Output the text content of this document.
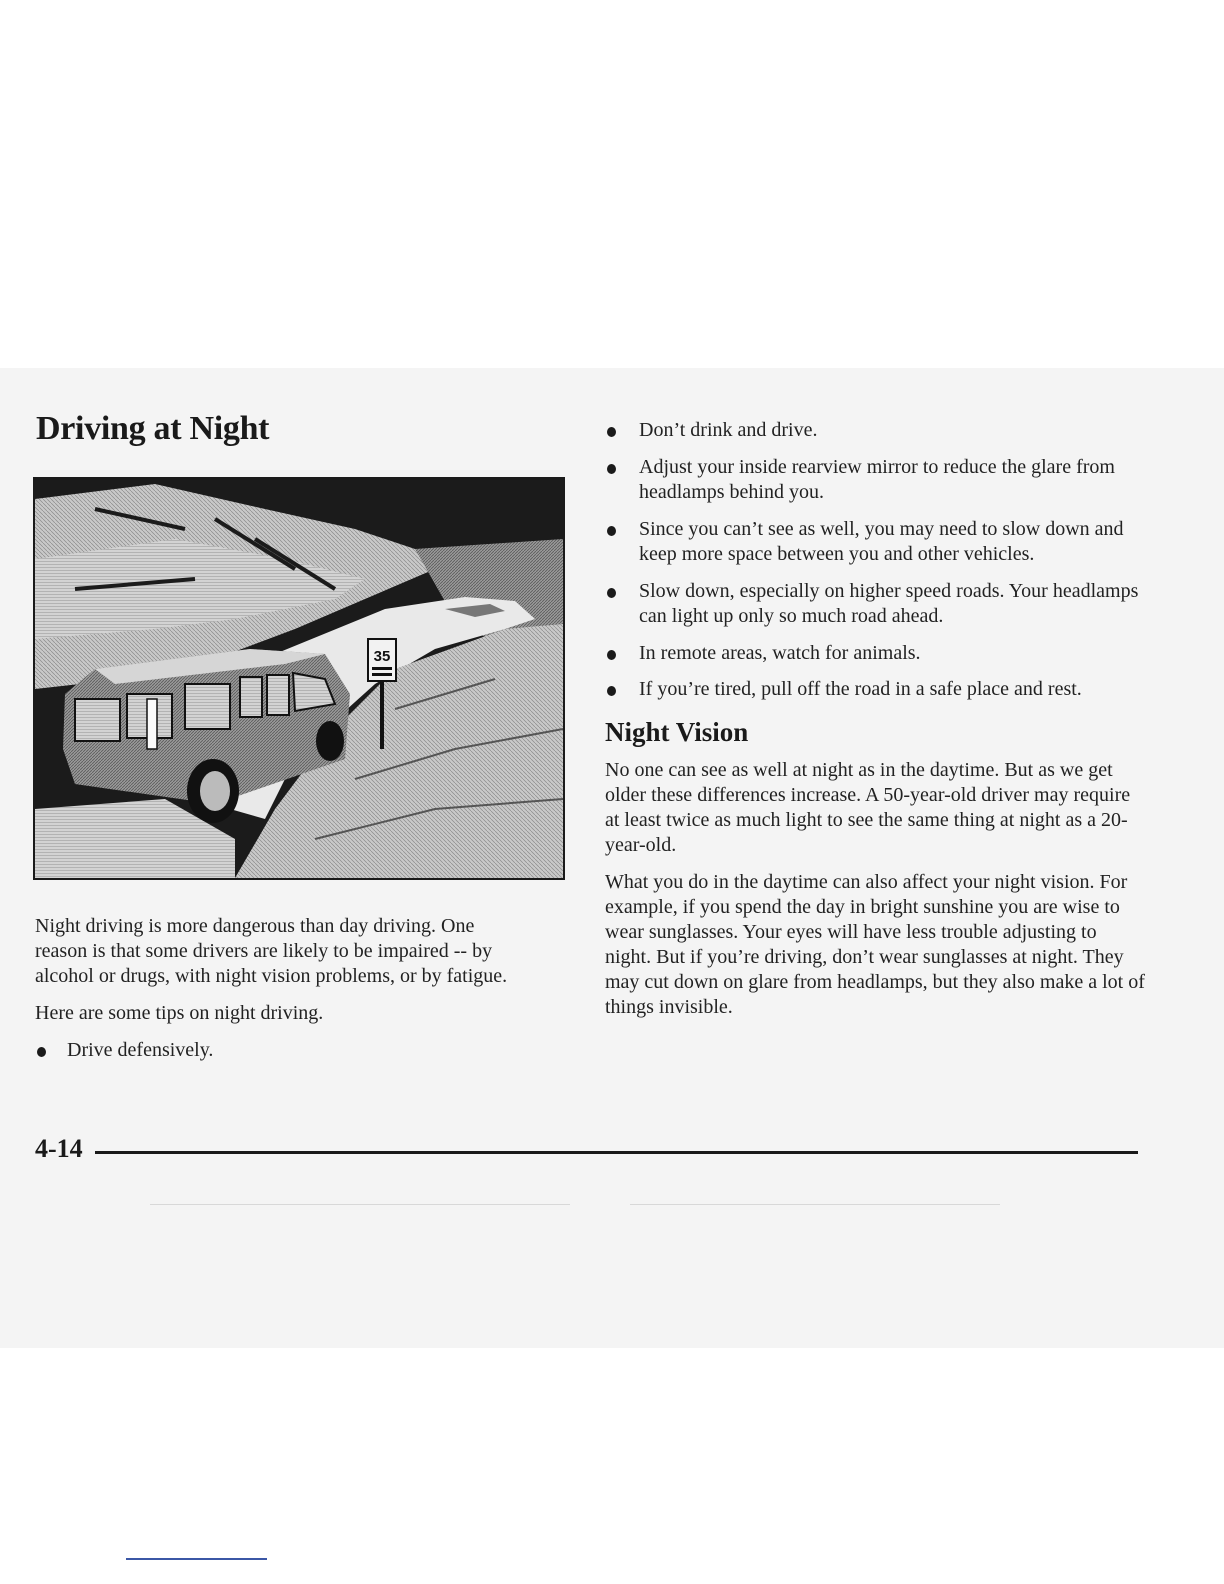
Driving at Night
35

Night driving is more dangerous than day driving. One reason is that some drivers are likely to be impaired -- by alcohol or drugs, with night vision problems, or by fatigue.

Here are some tips on night driving.

Drive defensively.
Don’t drink and drive.
Adjust your inside rearview mirror to reduce the glare from headlamps behind you.
Since you can’t see as well, you may need to slow down and keep more space between you and other vehicles.
Slow down, especially on higher speed roads. Your headlamps can light up only so much road ahead.
In remote areas, watch for animals.
If you’re tired, pull off the road in a safe place and rest.
Night Vision

No one can see as well at night as in the daytime. But as we get older these differences increase. A 50-year-old driver may require at least twice as much light to see the same thing at night as a 20-year-old.

What you do in the daytime can also affect your night vision. For example, if you spend the day in bright sunshine you are wise to wear sunglasses. Your eyes will have less trouble adjusting to night. But if you’re driving, don’t wear sunglasses at night. They may cut down on glare from headlamps, but they also make a lot of things invisible.

4-14
